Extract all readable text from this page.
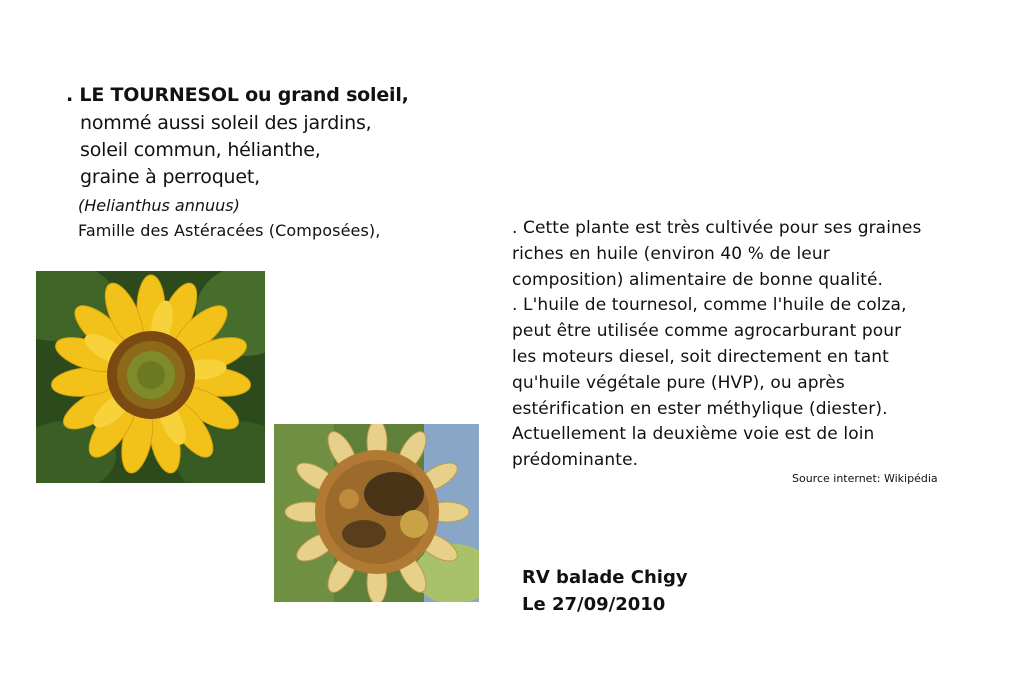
. LE TOURNESOL ou grand soleil,
nommé aussi soleil des jardins,
soleil commun, hélianthe,
graine à perroquet,
(Helianthus annuus)
Famille des Astéracées (Composées),	. Cette plante est très cultivée pour ses graines
riches en huile (environ 40 % de leur
composition) alimentaire de bonne qualité.
. L'huile de tournesol, comme l'huile de colza,
peut être utilisée comme agrocarburant pour
les moteurs diesel, soit directement en tant
qu'huile végétale pure (HVP), ou après
estérification en ester méthylique (diester).
Actuellement la deuxième voie est de loin
prédominante.
Source internet: Wikipédia
RV balade Chigy
Le 27/09/2010
